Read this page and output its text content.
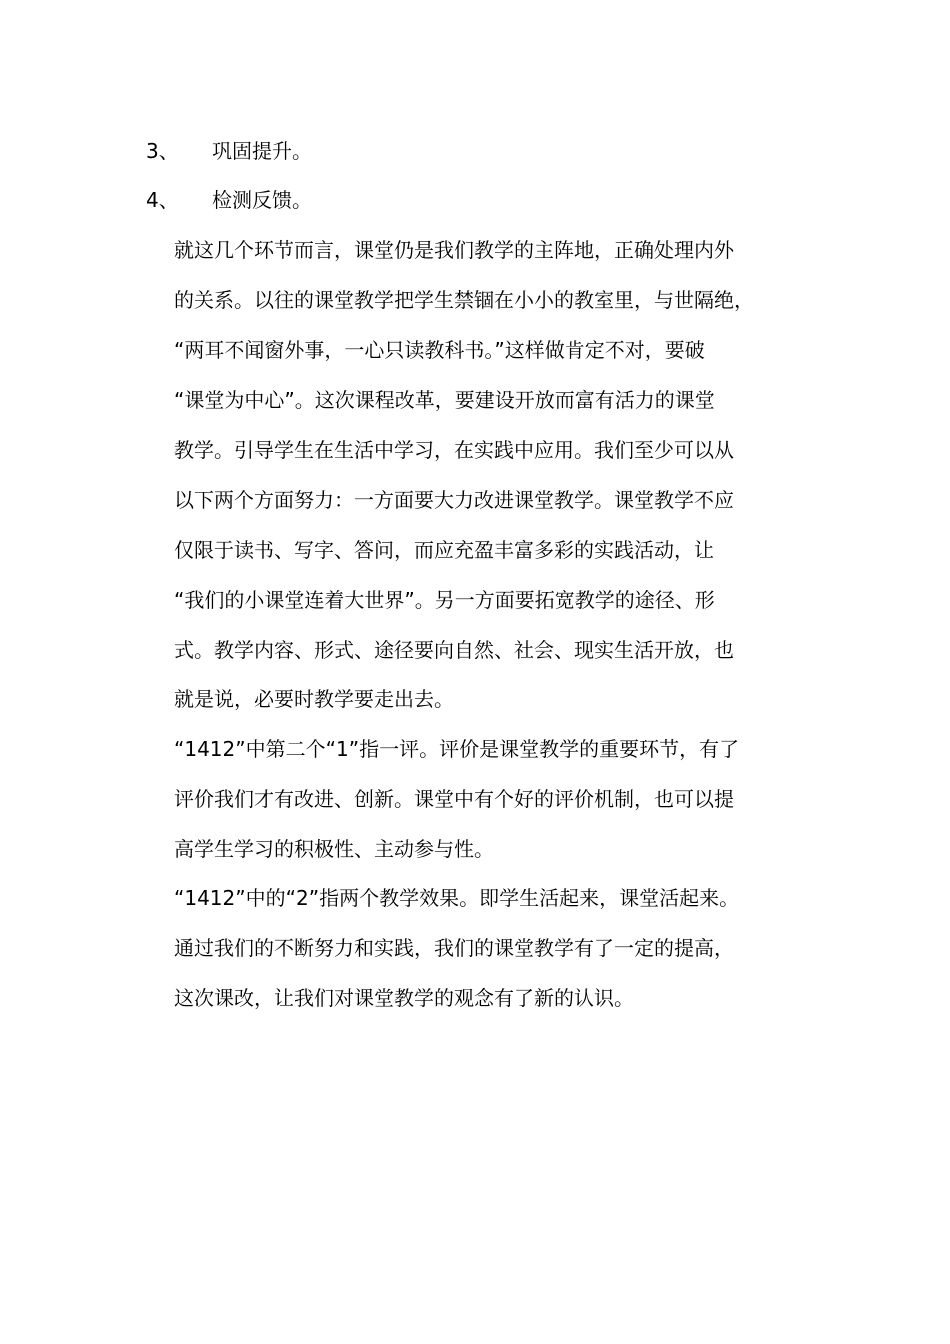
3、 巩固提升。
4、 检测反馈。
就这几个环节而言，课堂仍是我们教学的主阵地，正确处理内外
的关系。以往的课堂教学把学生禁锢在小小的教室里，与世隔绝，
“两耳不闻窗外事，一心只读教科书。”这样做肯定不对，要破
“课堂为中心”。这次课程改革，要建设开放而富有活力的课堂
教学。引导学生在生活中学习，在实践中应用。我们至少可以从
以下两个方面努力：一方面要大力改进课堂教学。课堂教学不应
仅限于读书、写字、答问，而应充盈丰富多彩的实践活动，让
“我们的小课堂连着大世界”。另一方面要拓宽教学的途径、形
式。教学内容、形式、途径要向自然、社会、现实生活开放，也
就是说，必要时教学要走出去。
“1412”中第二个“1”指一评。评价是课堂教学的重要环节，有了
评价我们才有改进、创新。课堂中有个好的评价机制，也可以提
高学生学习的积极性、主动参与性。
“1412”中的“2”指两个教学效果。即学生活起来，课堂活起来。
通过我们的不断努力和实践，我们的课堂教学有了一定的提高，
这次课改，让我们对课堂教学的观念有了新的认识。
